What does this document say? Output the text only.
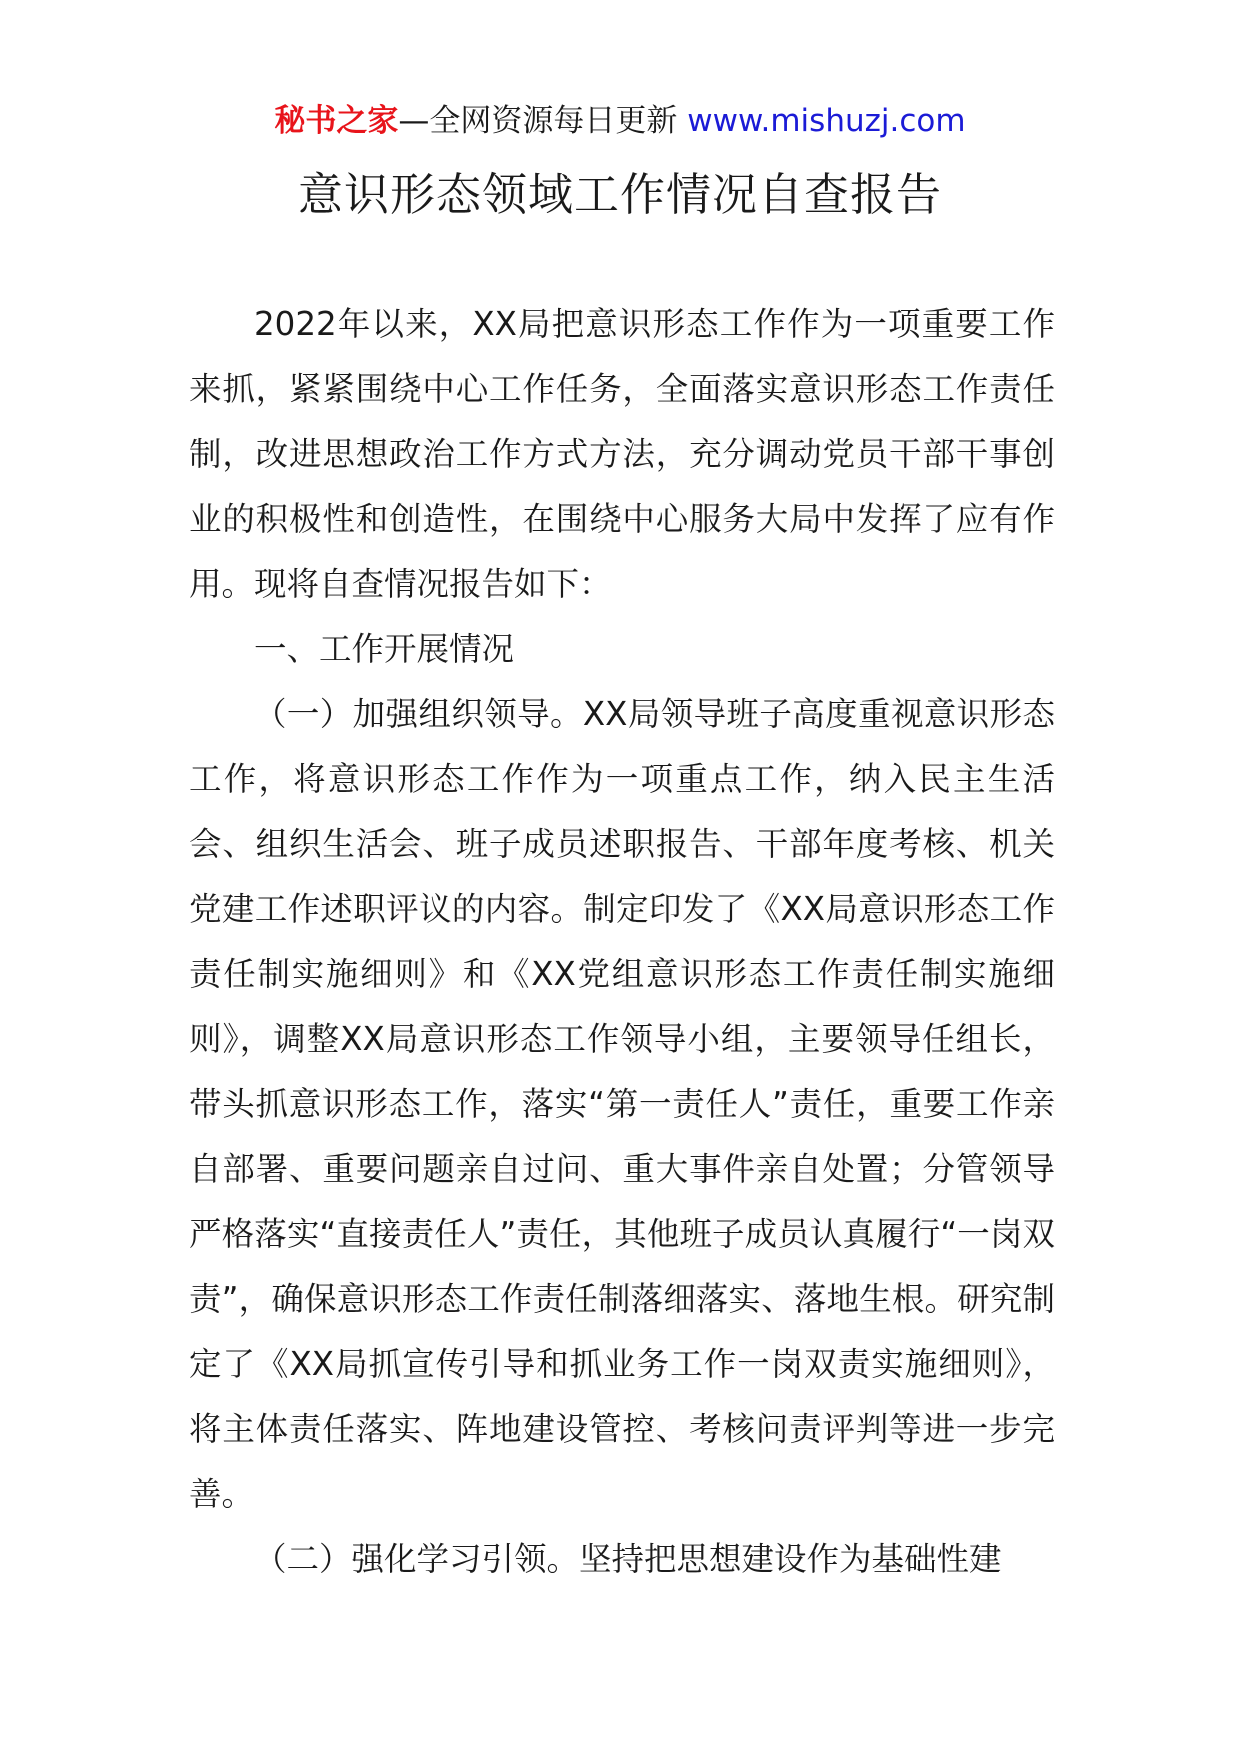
秘书之家—全网资源每日更新 www.mishuzj.com
意识形态领域工作情况自查报告

2022年以来，XX局把意识形态工作作为一项重要工作来抓，紧紧围绕中心工作任务，全面落实意识形态工作责任制，改进思想政治工作方式方法，充分调动党员干部干事创业的积极性和创造性，在围绕中心服务大局中发挥了应有作用。现将自查情况报告如下：

一、工作开展情况

（一）加强组织领导。XX局领导班子高度重视意识形态工作，将意识形态工作作为一项重点工作，纳入民主生活会、组织生活会、班子成员述职报告、干部年度考核、机关党建工作述职评议的内容。制定印发了《XX局意识形态工作责任制实施细则》和《XX党组意识形态工作责任制实施细则》，调整XX局意识形态工作领导小组，主要领导任组长，带头抓意识形态工作，落实“第一责任人”责任，重要工作亲自部署、重要问题亲自过问、重大事件亲自处置；分管领导严格落实“直接责任人”责任，其他班子成员认真履行“一岗双责”，确保意识形态工作责任制落细落实、落地生根。研究制定了《XX局抓宣传引导和抓业务工作一岗双责实施细则》，将主体责任落实、阵地建设管控、考核问责评判等进一步完善。

（二）强化学习引领。坚持把思想建设作为基础性建
